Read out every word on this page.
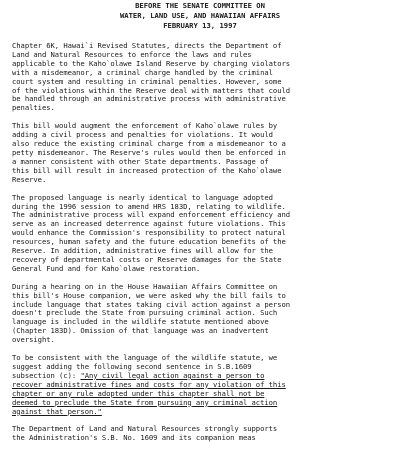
BEFORE THE SENATE COMMITTEE ON
WATER, LAND USE, AND HAWAIIAN AFFAIRS
FEBRUARY 13, 1997
Chapter 6K, Hawai`i Revised Statutes, directs the Department of
Land and Natural Resources to enforce the laws and rules
applicable to the Kaho`olawe Island Reserve by charging violators
with a misdemeanor, a criminal charge handled by the criminal
court system and resulting in criminal penalties. However, some
of the violations within the Reserve deal with matters that could
be handled through an administrative process with administrative
penalties.
This bill would augment the enforcement of Kaho`olawe rules by
adding a civil process and penalties for violations. It would
also reduce the existing criminal charge from a misdemeanor to a
petty misdemeanor. The Reserve's rules would then be enforced in
a manner consistent with other State departments. Passage of
this bill will result in increased protection of the Kaho`olawe
Reserve.
The proposed language is nearly identical to language adopted
during the 1996 session to amend HRS 183D, relating to wildlife.
The administrative process will expand enforcement efficiency and
serve as an increased deterrence against future violations. This
would enhance the Commission's responsibility to protect natural
resources, human safety and the future education benefits of the
Reserve. In addition, administrative fines will allow for the
recovery of departmental costs or Reserve damages for the State
General Fund and for Kaho`olawe restoration.
During a hearing on in the House Hawaiian Affairs Committee on
this bill's House companion, we were asked why the bill fails to
include language that states taking civil action against a person
doesn't preclude the State from pursuing criminal action. Such
language is included in the wildlife statute mentioned above
(Chapter 183D). Omission of that language was an inadvertent
oversight.
To be consistent with the language of the wildlife statute, we
suggest adding the following second sentence in S.B.1609
subsection (c): "Any civil legal action against a person to
recover administrative fines and costs for any violation of this
chapter or any rule adopted under this chapter shall not be
deemed to preclude the State from pursuing any criminal action
against that person."
The Department of Land and Natural Resources strongly supports
the Administration's S.B. No. 1609 and its companion meas
